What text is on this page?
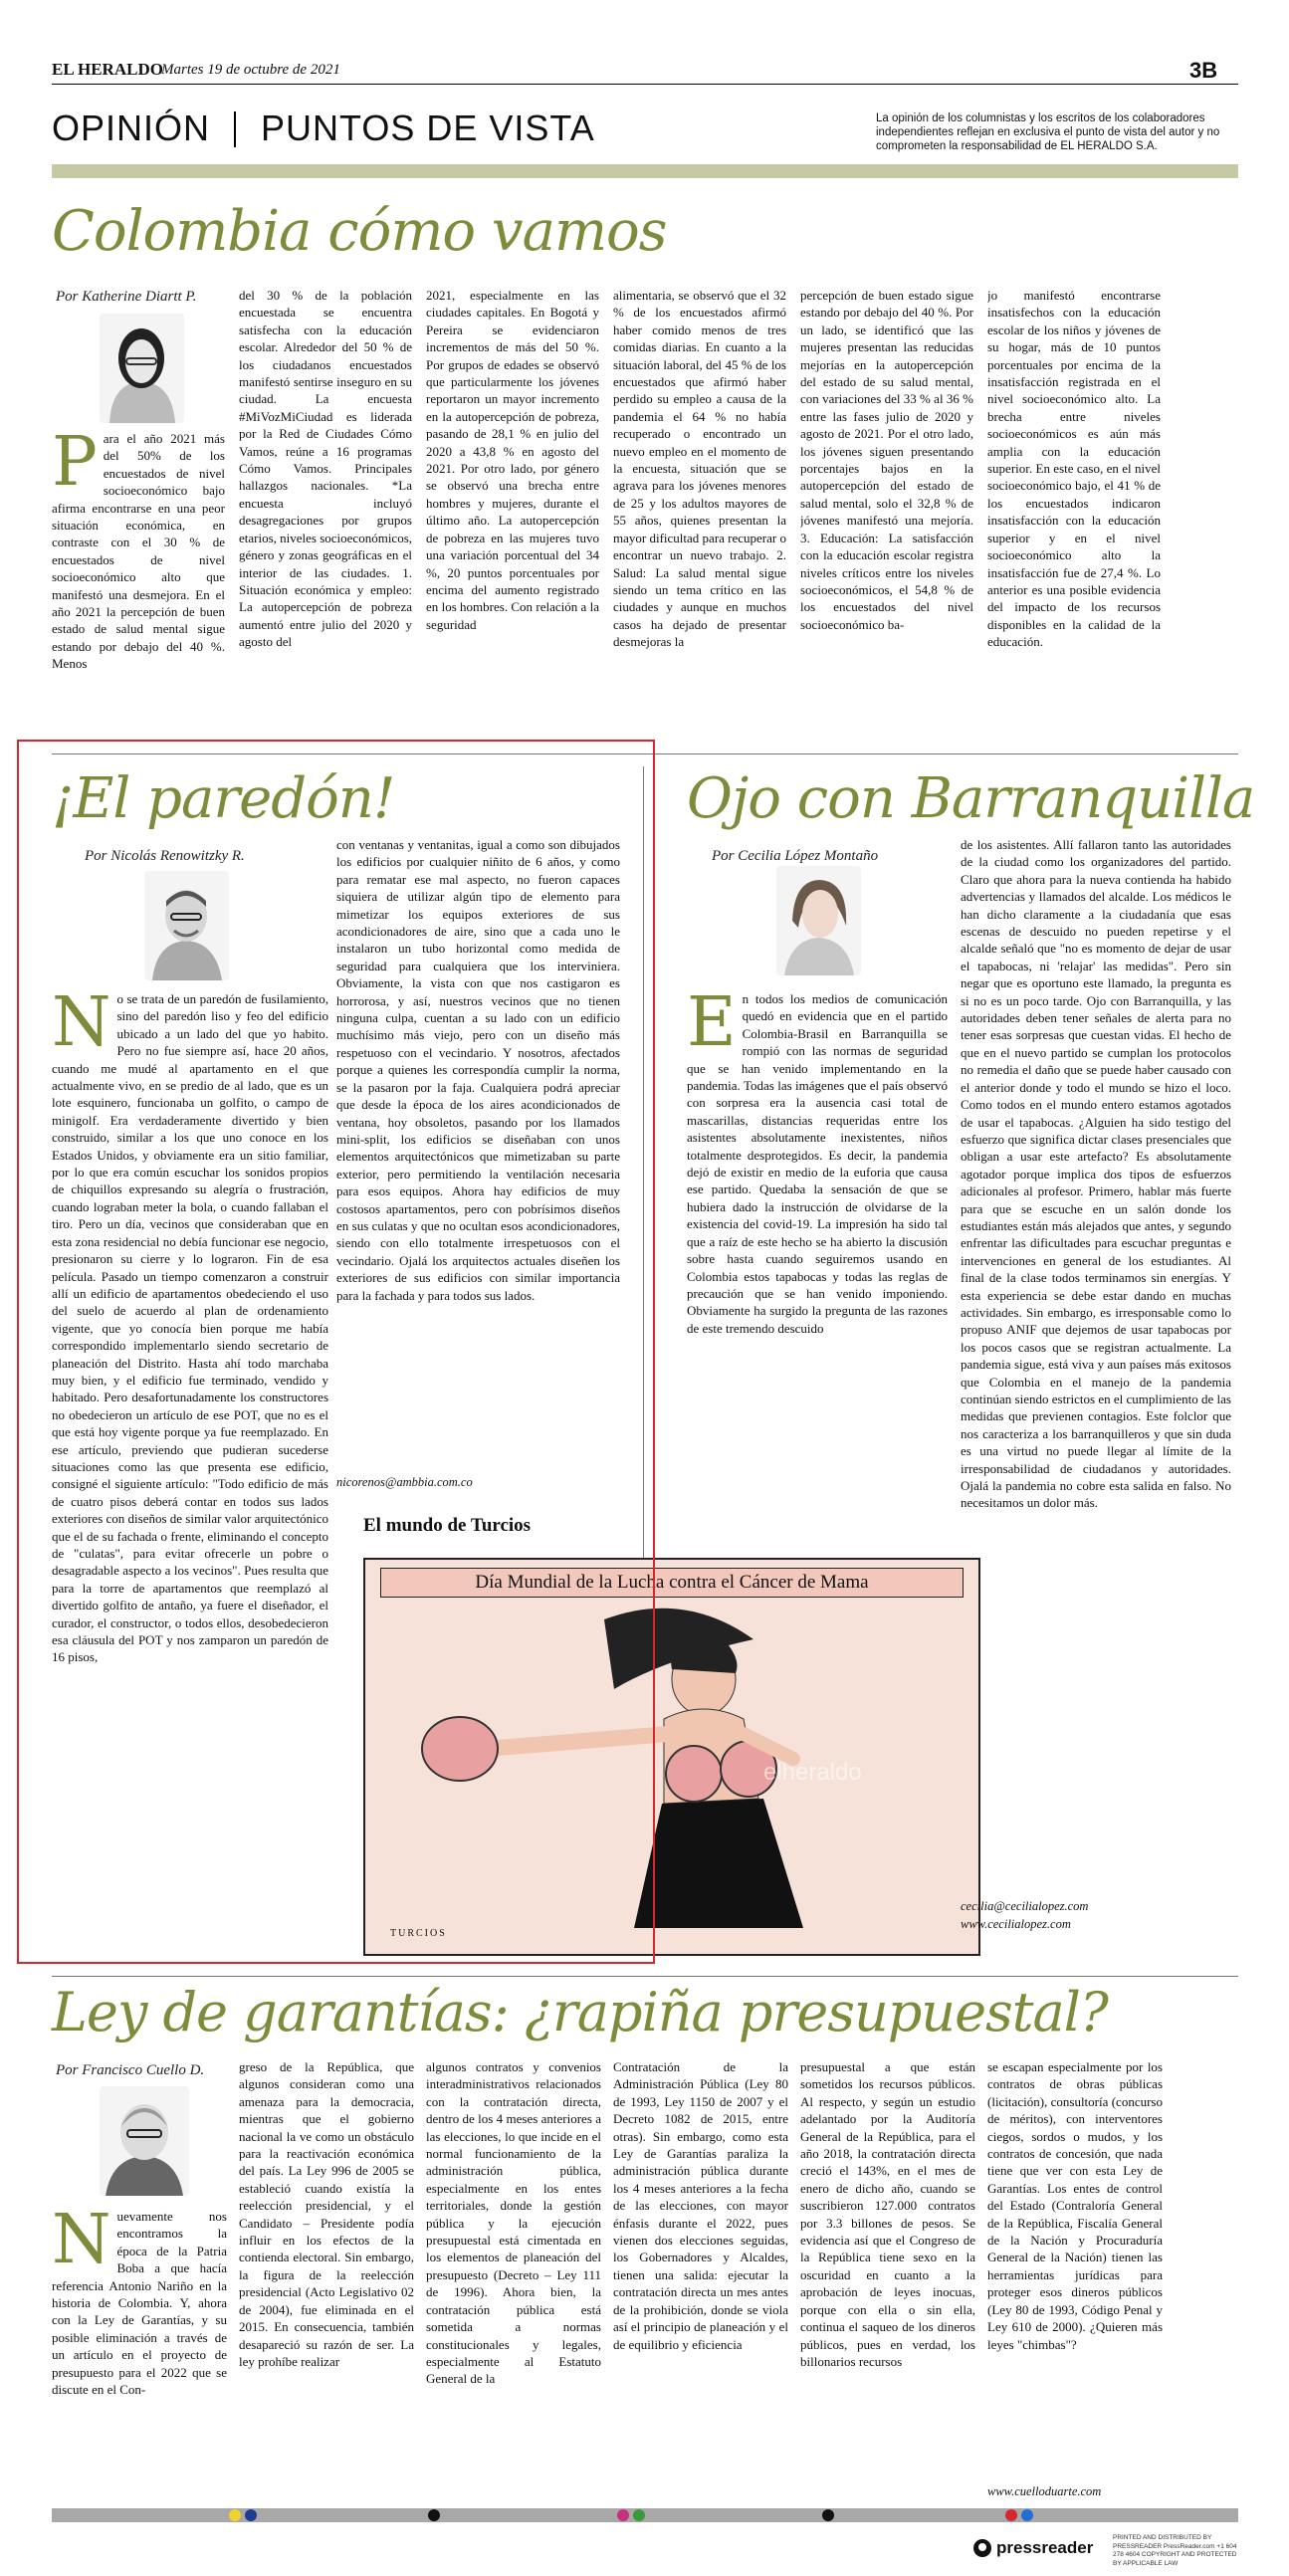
EL HERALDO
Martes 19 de octubre de 2021	3B
OPINIÓN PUNTOS DE VISTA	La opinión de los columnistas y los escritos de los colaboradores independientes reflejan en exclusiva el punto de vista del autor y no comprometen la responsabilidad de EL HERALDO S.A.
Colombia cómo vamos
Por Katherine Diartt P.
Para el año 2021 más del 50% de los encuestados de nivel socioeconómico bajo afirma encontrarse en una peor situación económica, en contraste con el 30 % de encuestados de nivel socioeconómico alto que manifestó una desmejora. En el año 2021 la percepción de buen estado de salud mental sigue estando por debajo del 40 %. Menos
del 30 % de la población encuestada se encuentra satisfecha con la educación escolar. Alrededor del 50 % de los ciudadanos encuestados manifestó sentirse inseguro en su ciudad. La encuesta #MiVozMiCiudad es liderada por la Red de Ciudades Cómo Vamos, reúne a 16 programas Cómo Vamos. Principales hallazgos nacionales. *La encuesta incluyó desagregaciones por grupos etarios, niveles socioeconómicos, género y zonas geográficas en el interior de las ciudades. 1. Situación económica y empleo: La autopercepción de pobreza aumentó entre julio del 2020 y agosto del
2021, especialmente en las ciudades capitales. En Bogotá y Pereira se evidenciaron incrementos de más del 50 %. Por grupos de edades se observó que particularmente los jóvenes reportaron un mayor incremento en la autopercepción de pobreza, pasando de 28,1 % en julio del 2020 a 43,8 % en agosto del 2021. Por otro lado, por género se observó una brecha entre hombres y mujeres, durante el último año. La autopercepción de pobreza en las mujeres tuvo una variación porcentual del 34 %, 20 puntos porcentuales por encima del aumento registrado en los hombres. Con relación a la seguridad
alimentaria, se observó que el 32 % de los encuestados afirmó haber comido menos de tres comidas diarias. En cuanto a la situación laboral, del 45 % de los encuestados que afirmó haber perdido su empleo a causa de la pandemia el 64 % no había recuperado o encontrado un nuevo empleo en el momento de la encuesta, situación que se agrava para los jóvenes menores de 25 y los adultos mayores de 55 años, quienes presentan la mayor dificultad para recuperar o encontrar un nuevo trabajo. 2. Salud: La salud mental sigue siendo un tema crítico en las ciudades y aunque en muchos casos ha dejado de presentar desmejoras la
percepción de buen estado sigue estando por debajo del 40 %. Por un lado, se identificó que las mujeres presentan las reducidas mejorías en la autopercepción del estado de su salud mental, con variaciones del 33 % al 36 % entre las fases julio de 2020 y agosto de 2021. Por el otro lado, los jóvenes siguen presentando porcentajes bajos en la autopercepción del estado de salud mental, solo el 32,8 % de jóvenes manifestó una mejoría. 3. Educación: La satisfacción con la educación escolar registra niveles críticos entre los niveles socioeconómicos, el 54,8 % de los encuestados del nivel socioeconómico ba-
jo manifestó encontrarse insatisfechos con la educación escolar de los niños y jóvenes de su hogar, más de 10 puntos porcentuales por encima de la insatisfacción registrada en el nivel socioeconómico alto. La brecha entre niveles socioeconómicos es aún más amplia con la educación superior. En este caso, en el nivel socioeconómico bajo, el 41 % de los encuestados indicaron insatisfacción con la educación superior y en el nivel socioeconómico alto la insatisfacción fue de 27,4 %. Lo anterior es una posible evidencia del impacto de los recursos disponibles en la calidad de la educación.
¡El paredón!
Por Nicolás Renowitzky R.
No se trata de un paredón de fusilamiento, sino del paredón liso y feo del edificio ubicado a un lado del que yo habito. Pero no fue siempre así, hace 20 años, cuando me mudé al apartamento en el que actualmente vivo, en se predio de al lado, que es un lote esquinero, funcionaba un golfito, o campo de minigolf. Era verdaderamente divertido y bien construido, similar a los que uno conoce en los Estados Unidos, y obviamente era un sitio familiar, por lo que era común escuchar los sonidos propios de chiquillos expresando su alegría o frustración, cuando lograban meter la bola, o cuando fallaban el tiro. Pero un día, vecinos que consideraban que en esta zona residencial no debía funcionar ese negocio, presionaron su cierre y lo lograron. Fin de esa película. Pasado un tiempo comenzaron a construir allí un edificio de apartamentos obedeciendo el uso del suelo de acuerdo al plan de ordenamiento vigente, que yo conocía bien porque me había correspondido implementarlo siendo secretario de planeación del Distrito. Hasta ahí todo marchaba muy bien, y el edificio fue terminado, vendido y habitado. Pero desafortunadamente los constructores no obedecieron un artículo de ese POT, que no es el que está hoy vigente porque ya fue reemplazado. En ese artículo, previendo que pudieran sucederse situaciones como las que presenta ese edificio, consigné el siguiente artículo: "Todo edificio de más de cuatro pisos deberá contar en todos sus lados exteriores con diseños de similar valor arquitectónico que el de su fachada o frente, eliminando el concepto de "culatas", para evitar ofrecerle un pobre o desagradable aspecto a los vecinos". Pues resulta que para la torre de apartamentos que reemplazó al divertido golfito de antaño, ya fuere el diseñador, el curador, el constructor, o todos ellos, desobedecieron esa cláusula del POT y nos zamparon un paredón de 16 pisos,
con ventanas y ventanitas, igual a como son dibujados los edificios por cualquier niñito de 6 años, y como para rematar ese mal aspecto, no fueron capaces siquiera de utilizar algún tipo de elemento para mimetizar los equipos exteriores de sus acondicionadores de aire, sino que a cada uno le instalaron un tubo horizontal como medida de seguridad para cualquiera que los interviniera. Obviamente, la vista con que nos castigaron es horrorosa, y así, nuestros vecinos que no tienen ninguna culpa, cuentan a su lado con un edificio muchísimo más viejo, pero con un diseño más respetuoso con el vecindario. Y nosotros, afectados porque a quienes les correspondía cumplir la norma, se la pasaron por la faja. Cualquiera podrá apreciar que desde la época de los aires acondicionados de ventana, hoy obsoletos, pasando por los llamados mini-split, los edificios se diseñaban con unos elementos arquitectónicos que mimetizaban su parte exterior, pero permitiendo la ventilación necesaria para esos equipos. Ahora hay edificios de muy costosos apartamentos, pero con pobrísimos diseños en sus culatas y que no ocultan esos acondicionadores, siendo con ello totalmente irrespetuosos con el vecindario. Ojalá los arquitectos actuales diseñen los exteriores de sus edificios con similar importancia para la fachada y para todos sus lados.
nicorenos@ambbia.com.co
El mundo de Turcios
Día Mundial de la Lucha contra el Cáncer de Mama
elheraldo
TURCIOS
Ojo con Barranquilla
Por Cecilia López Montaño
En todos los medios de comunicación quedó en evidencia que en el partido Colombia-Brasil en Barranquilla se rompió con las normas de seguridad que se han venido implementando en la pandemia. Todas las imágenes que el país observó con sorpresa era la ausencia casi total de mascarillas, distancias requeridas entre los asistentes absolutamente inexistentes, niños totalmente desprotegidos. Es decir, la pandemia dejó de existir en medio de la euforia que causa ese partido. Quedaba la sensación de que se hubiera dado la instrucción de olvidarse de la existencia del covid-19. La impresión ha sido tal que a raíz de este hecho se ha abierto la discusión sobre hasta cuando seguiremos usando en Colombia estos tapabocas y todas las reglas de precaución que se han venido imponiendo. Obviamente ha surgido la pregunta de las razones de este tremendo descuido
de los asistentes. Allí fallaron tanto las autoridades de la ciudad como los organizadores del partido. Claro que ahora para la nueva contienda ha habido advertencias y llamados del alcalde. Los médicos le han dicho claramente a la ciudadanía que esas escenas de descuido no pueden repetirse y el alcalde señaló que "no es momento de dejar de usar el tapabocas, ni 'relajar' las medidas". Pero sin negar que es oportuno este llamado, la pregunta es si no es un poco tarde. Ojo con Barranquilla, y las autoridades deben tener señales de alerta para no tener esas sorpresas que cuestan vidas. El hecho de que en el nuevo partido se cumplan los protocolos no remedia el daño que se puede haber causado con el anterior donde y todo el mundo se hizo el loco. Como todos en el mundo entero estamos agotados de usar el tapabocas. ¿Alguien ha sido testigo del esfuerzo que significa dictar clases presenciales que obligan a usar este artefacto? Es absolutamente agotador porque implica dos tipos de esfuerzos adicionales al profesor. Primero, hablar más fuerte para que se escuche en un salón donde los estudiantes están más alejados que antes, y segundo enfrentar las dificultades para escuchar preguntas e intervenciones en general de los estudiantes. Al final de la clase todos terminamos sin energías. Y esta experiencia se debe estar dando en muchas actividades. Sin embargo, es irresponsable como lo propuso ANIF que dejemos de usar tapabocas por los pocos casos que se registran actualmente. La pandemia sigue, está viva y aun países más exitosos que Colombia en el manejo de la pandemia continúan siendo estrictos en el cumplimiento de las medidas que previenen contagios. Este folclor que nos caracteriza a los barranquilleros y que sin duda es una virtud no puede llegar al límite de la irresponsabilidad de ciudadanos y autoridades. Ojalá la pandemia no cobre esta salida en falso. No necesitamos un dolor más.
cecilia@cecilialopez.com
www.cecilialopez.com
Ley de garantías: ¿rapiña presupuestal?
Por Francisco Cuello D.
Nuevamente nos encontramos la época de la Patria Boba a que hacía referencia Antonio Nariño en la historia de Colombia. Y, ahora con la Ley de Garantías, y su posible eliminación a través de un artículo en el proyecto de presupuesto para el 2022 que se discute en el Con-
greso de la República, que algunos consideran como una amenaza para la democracia, mientras que el gobierno nacional la ve como un obstáculo para la reactivación económica del país. La Ley 996 de 2005 se estableció cuando existía la reelección presidencial, y el Candidato – Presidente podía influir en los efectos de la contienda electoral. Sin embargo, la figura de la reelección presidencial (Acto Legislativo 02 de 2004), fue eliminada en el 2015. En consecuencia, también desapareció su razón de ser. La ley prohíbe realizar
algunos contratos y convenios interadministrativos relacionados con la contratación directa, dentro de los 4 meses anteriores a las elecciones, lo que incide en el normal funcionamiento de la administración pública, especialmente en los entes territoriales, donde la gestión pública y la ejecución presupuestal está cimentada en los elementos de planeación del presupuesto (Decreto – Ley 111 de 1996). Ahora bien, la contratación pública está sometida a normas constitucionales y legales, especialmente al Estatuto General de la
Contratación de la Administración Pública (Ley 80 de 1993, Ley 1150 de 2007 y el Decreto 1082 de 2015, entre otras). Sin embargo, como esta Ley de Garantías paraliza la administración pública durante los 4 meses anteriores a la fecha de las elecciones, con mayor énfasis durante el 2022, pues vienen dos elecciones seguidas, los Gobernadores y Alcaldes, tienen una salida: ejecutar la contratación directa un mes antes de la prohibición, donde se viola así el principio de planeación y el de equilibrio y eficiencia
presupuestal a que están sometidos los recursos públicos. Al respecto, y según un estudio adelantado por la Auditoría General de la República, para el año 2018, la contratación directa creció el 143%, en el mes de enero de dicho año, cuando se suscribieron 127.000 contratos por 3.3 billones de pesos. Se evidencia así que el Congreso de la República tiene sexo en la oscuridad en cuanto a la aprobación de leyes inocuas, porque con ella o sin ella, continua el saqueo de los dineros públicos, pues en verdad, los billonarios recursos
se escapan especialmente por los contratos de obras públicas (licitación), consultoría (concurso de méritos), con interventores ciegos, sordos o mudos, y los contratos de concesión, que nada tiene que ver con esta Ley de Garantías. Los entes de control del Estado (Contraloría General de la República, Fiscalía General de la Nación y Procuraduría General de la Nación) tienen las herramientas jurídicas para proteger esos dineros públicos (Ley 80 de 1993, Código Penal y Ley 610 de 2000). ¿Quieren más leyes "chimbas"?
www.cuelloduarte.com
pressreader
PRINTED AND DISTRIBUTED BY PRESSREADER PressReader.com +1 604 278 4604 COPYRIGHT AND PROTECTED BY APPLICABLE LAW
